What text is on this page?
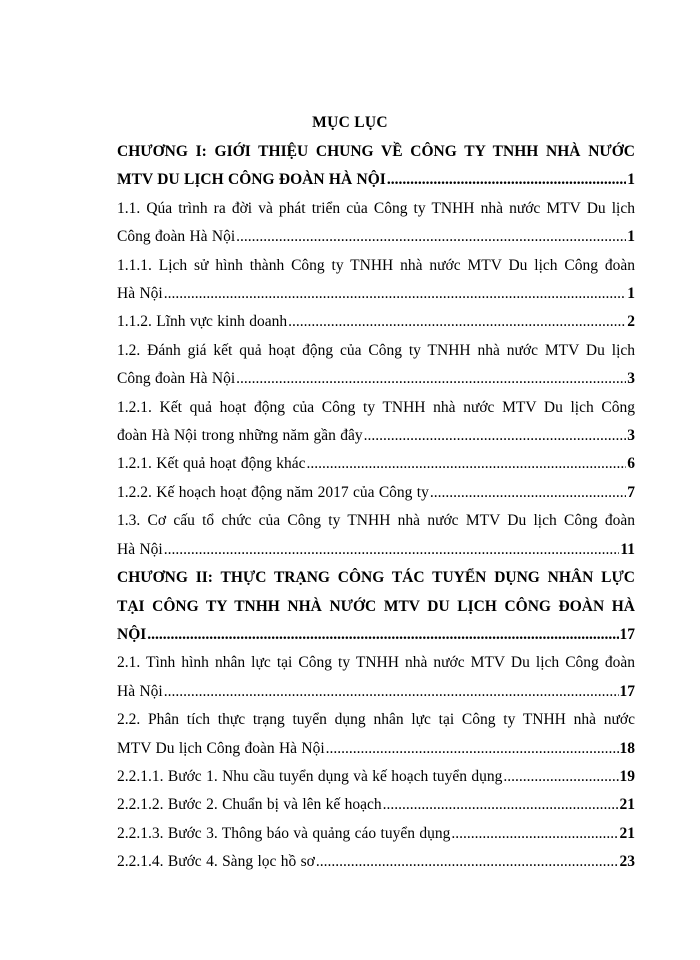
MỤC LỤC
CHƯƠNG I: GIỚI THIỆU CHUNG VỀ CÔNG TY TNHH NHÀ NƯỚC
MTV DU LỊCH CÔNG ĐOÀN HÀ NỘI .....	1
1.1. Qúa trình ra đời và phát triển của Công ty TNHH nhà nước MTV Du lịch
Công đoàn Hà Nội .....	1
1.1.1. Lịch sử hình thành Công ty TNHH nhà nước MTV Du lịch Công đoàn
Hà Nội .....	1
1.1.2. Lĩnh vực kinh doanh .....	2
1.2. Đánh giá kết quả hoạt động của Công ty TNHH nhà nước MTV Du lịch
Công đoàn Hà Nội .....	3
1.2.1. Kết quả hoạt động của Công ty TNHH nhà nước MTV Du lịch Công
đoàn Hà Nội trong những năm gần đây .....	3
1.2.1. Kết quả hoạt động khác .....	6
1.2.2. Kế hoạch hoạt động năm 2017 của Công ty .....	7
1.3. Cơ cấu tổ chức của Công ty TNHH nhà nước MTV Du lịch Công đoàn
Hà Nội .....	11
CHƯƠNG II: THỰC TRẠNG CÔNG TÁC TUYỂN DỤNG NHÂN LỰC
TẠI CÔNG TY TNHH NHÀ NƯỚC MTV DU LỊCH CÔNG ĐOÀN HÀ
NỘI .....	17
2.1. Tình hình nhân lực tại Công ty TNHH nhà nước MTV Du lịch Công đoàn
Hà Nội .....	17
2.2. Phân tích thực trạng tuyển dụng nhân lực tại Công ty TNHH nhà nước
MTV Du lịch Công đoàn Hà Nội .....	18
2.2.1.1. Bước 1. Nhu cầu tuyển dụng và kế hoạch tuyển dụng .....	19
2.2.1.2. Bước 2. Chuẩn bị và lên kế hoạch .....	21
2.2.1.3. Bước 3. Thông báo và quảng cáo tuyển dụng .....	21
2.2.1.4. Bước 4. Sàng lọc hồ sơ .....	23
